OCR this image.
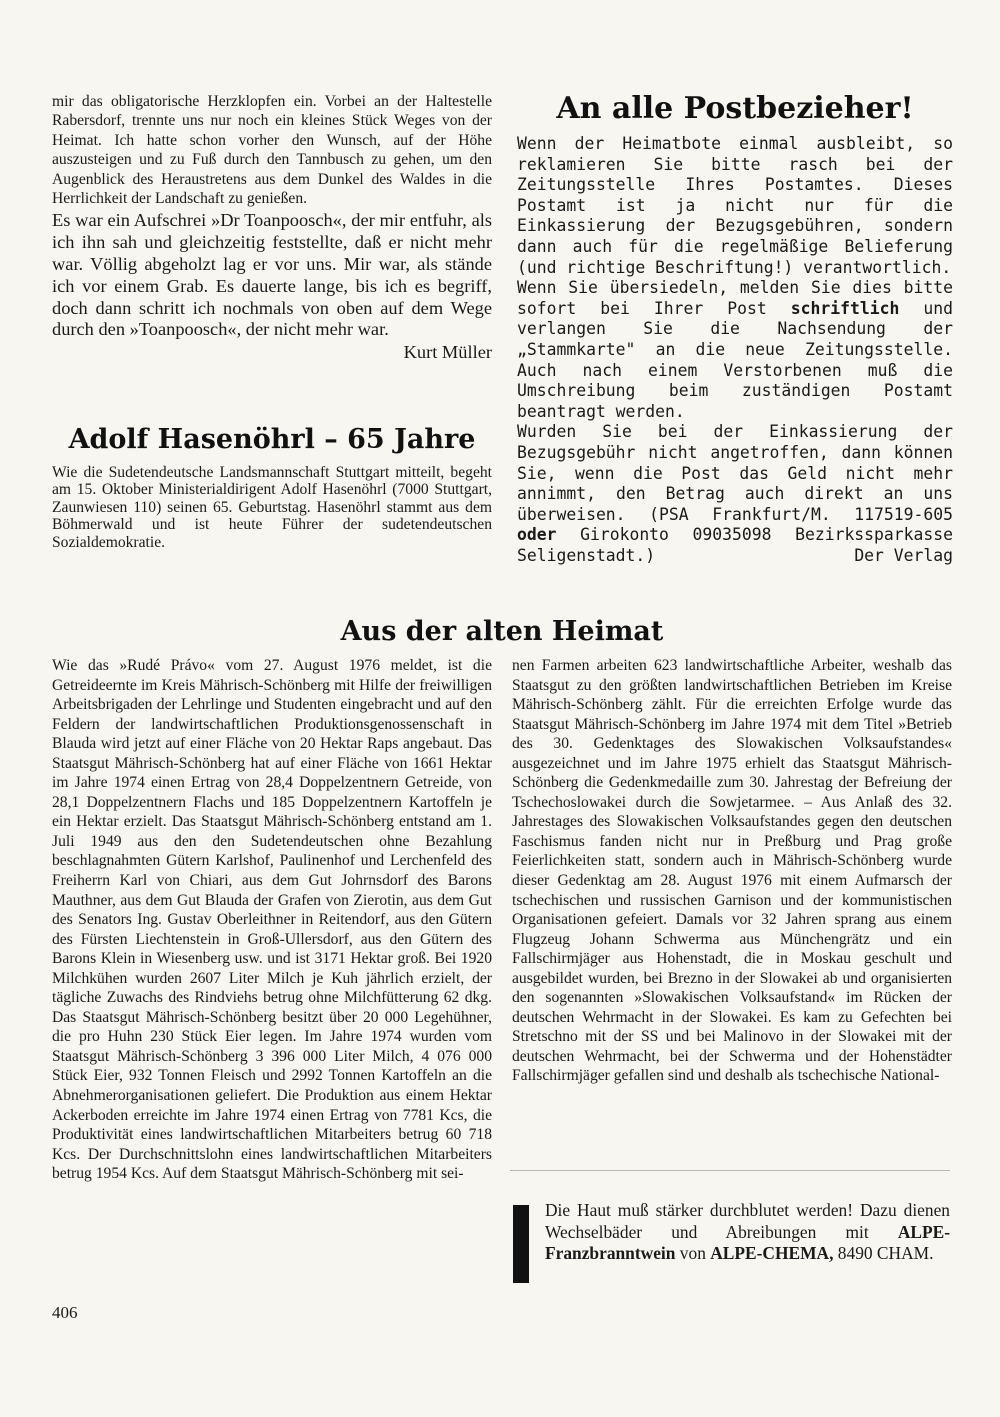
mir das obligatorische Herzklopfen ein. Vorbei an der Haltestelle Rabersdorf, trennte uns nur noch ein kleines Stück Weges von der Heimat. Ich hatte schon vorher den Wunsch, auf der Höhe auszusteigen und zu Fuß durch den Tannbusch zu gehen, um den Augenblick des Heraustretens aus dem Dunkel des Waldes in die Herrlichkeit der Landschaft zu genießen.

Es war ein Aufschrei »Dr Toanpoosch«, der mir entfuhr, als ich ihn sah und gleichzeitig feststellte, daß er nicht mehr war. Völlig abgeholzt lag er vor uns. Mir war, als stände ich vor einem Grab. Es dauerte lange, bis ich es begriff, doch dann schritt ich nochmals von oben auf dem Wege durch den »Toanpoosch«, der nicht mehr war.

Kurt Müller

Adolf Hasenöhrl – 65 Jahre

Wie die Sudetendeutsche Landsmannschaft Stuttgart mitteilt, begeht am 15. Oktober Ministerialdirigent Adolf Hasenöhrl (7000 Stuttgart, Zaunwiesen 110) seinen 65. Geburtstag. Hasenöhrl stammt aus dem Böhmerwald und ist heute Führer der sudetendeutschen Sozialdemokratie.

An alle Postbezieher!

Wenn der Heimatbote einmal ausbleibt, so reklamieren Sie bitte rasch bei der Zeitungsstelle Ihres Postamtes. Dieses Postamt ist ja nicht nur für die Einkassierung der Bezugsgebühren, sondern dann auch für die regelmäßige Belieferung (und richtige Beschriftung!) verantwortlich.

Wenn Sie übersiedeln, melden Sie dies bitte sofort bei Ihrer Post schriftlich und verlangen Sie die Nachsendung der „Stammkarte" an die neue Zeitungsstelle. Auch nach einem Verstorbenen muß die Umschreibung beim zuständigen Postamt beantragt werden.

Wurden Sie bei der Einkassierung der Bezugsgebühr nicht angetroffen, dann können Sie, wenn die Post das Geld nicht mehr annimmt, den Betrag auch direkt an uns überweisen. (PSA Frankfurt/M. 117519-605 oder Girokonto 09035098 Bezirkssparkasse Seligenstadt.)	Der Verlag

Aus der alten Heimat

Wie das »Rudé Právo« vom 27. August 1976 meldet, ist die Getreideernte im Kreis Mährisch-Schönberg mit Hilfe der freiwilligen Arbeitsbrigaden der Lehrlinge und Studenten eingebracht und auf den Feldern der landwirtschaftlichen Produktionsgenossenschaft in Blauda wird jetzt auf einer Fläche von 20 Hektar Raps angebaut. Das Staatsgut Mährisch-Schönberg hat auf einer Fläche von 1661 Hektar im Jahre 1974 einen Ertrag von 28,4 Doppelzentnern Getreide, von 28,1 Doppelzentnern Flachs und 185 Doppelzentnern Kartoffeln je ein Hektar erzielt. Das Staatsgut Mährisch-Schönberg entstand am 1. Juli 1949 aus den den Sudetendeutschen ohne Bezahlung beschlagnahmten Gütern Karlshof, Paulinenhof und Lerchenfeld des Freiherrn Karl von Chiari, aus dem Gut Johrnsdorf des Barons Mauthner, aus dem Gut Blauda der Grafen von Zierotin, aus dem Gut des Senators Ing. Gustav Oberleithner in Reitendorf, aus den Gütern des Fürsten Liechtenstein in Groß-Ullersdorf, aus den Gütern des Barons Klein in Wiesenberg usw. und ist 3171 Hektar groß. Bei 1920 Milchkühen wurden 2607 Liter Milch je Kuh jährlich erzielt, der tägliche Zuwachs des Rindviehs betrug ohne Milchfütterung 62 dkg. Das Staatsgut Mährisch-Schönberg besitzt über 20 000 Legehühner, die pro Huhn 230 Stück Eier legen. Im Jahre 1974 wurden vom Staatsgut Mährisch-Schönberg 3 396 000 Liter Milch, 4 076 000 Stück Eier, 932 Tonnen Fleisch und 2992 Tonnen Kartoffeln an die Abnehmerorganisationen geliefert. Die Produktion aus einem Hektar Ackerboden erreichte im Jahre 1974 einen Ertrag von 7781 Kcs, die Produktivität eines landwirtschaftlichen Mitarbeiters betrug 60 718 Kcs. Der Durchschnittslohn eines landwirtschaftlichen Mitarbeiters betrug 1954 Kcs. Auf dem Staatsgut Mährisch-Schönberg mit sei-

nen Farmen arbeiten 623 landwirtschaftliche Arbeiter, weshalb das Staatsgut zu den größten landwirtschaftlichen Betrieben im Kreise Mährisch-Schönberg zählt. Für die erreichten Erfolge wurde das Staatsgut Mährisch-Schönberg im Jahre 1974 mit dem Titel »Betrieb des 30. Gedenktages des Slowakischen Volksaufstandes« ausgezeichnet und im Jahre 1975 erhielt das Staatsgut Mährisch-Schönberg die Gedenkmedaille zum 30. Jahrestag der Befreiung der Tschechoslowakei durch die Sowjetarmee. – Aus Anlaß des 32. Jahrestages des Slowakischen Volksaufstandes gegen den deutschen Faschismus fanden nicht nur in Preßburg und Prag große Feierlichkeiten statt, sondern auch in Mährisch-Schönberg wurde dieser Gedenktag am 28. August 1976 mit einem Aufmarsch der tschechischen und russischen Garnison und der kommunistischen Organisationen gefeiert. Damals vor 32 Jahren sprang aus einem Flugzeug Johann Schwerma aus Münchengrätz und ein Fallschirmjäger aus Hohenstadt, die in Moskau geschult und ausgebildet wurden, bei Brezno in der Slowakei ab und organisierten den sogenannten »Slowakischen Volksaufstand« im Rücken der deutschen Wehrmacht in der Slowakei. Es kam zu Gefechten bei Stretschno mit der SS und bei Malinovo in der Slowakei mit der deutschen Wehrmacht, bei der Schwerma und der Hohenstädter Fallschirmjäger gefallen sind und deshalb als tschechische National-

Die Haut muß stärker durchblutet werden! Dazu dienen Wechselbäder und Abreibungen mit ALPE-Franzbranntwein von ALPE-CHEMA, 8490 CHAM.

406
